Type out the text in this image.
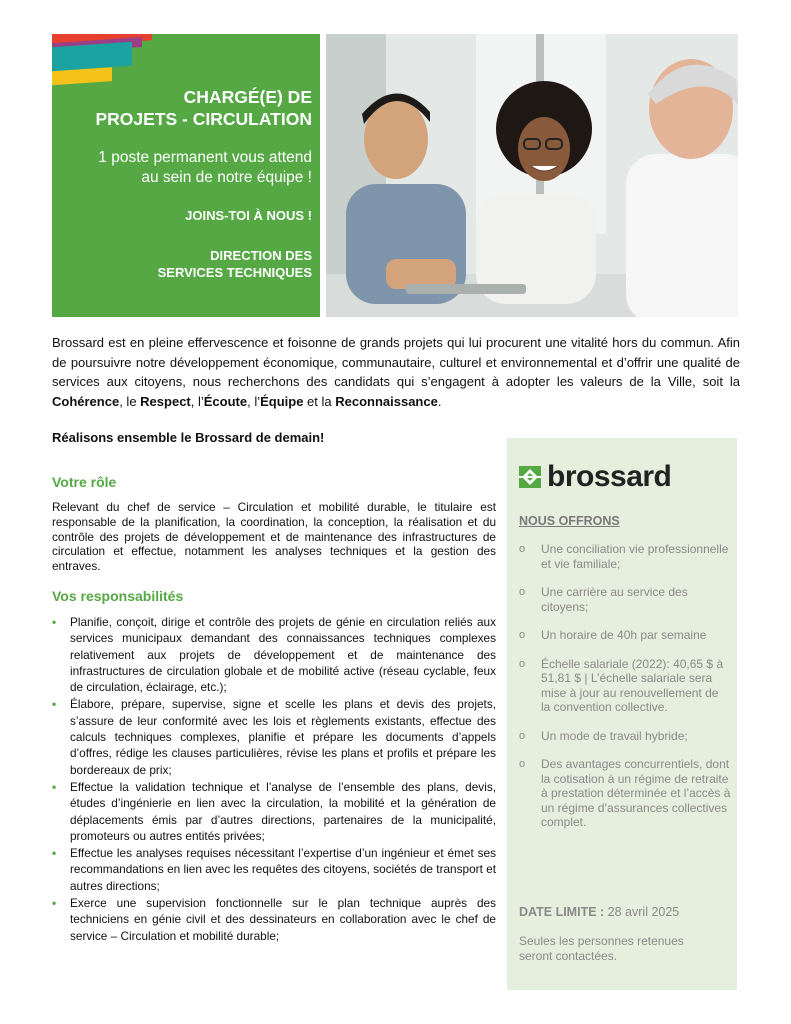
CHARGÉ(E) DE
PROJETS - CIRCULATION

1 poste permanent vous attend
au sein de notre équipe !

JOINS-TOI À NOUS !

DIRECTION DES
SERVICES TECHNIQUES

Brossard est en pleine effervescence et foisonne de grands projets qui lui procurent une vitalité hors du commun. Afin de poursuivre notre développement économique, communautaire, culturel et environnemental et d’offrir une qualité de services aux citoyens, nous recherchons des candidats qui s’engagent à adopter les valeurs de la Ville, soit la Cohérence, le Respect, l’Écoute, l’Équipe et la Reconnaissance.

Réalisons ensemble le Brossard de demain!

Votre rôle

Relevant du chef de service – Circulation et mobilité durable, le titulaire est responsable de la planification, la coordination, la conception, la réalisation et du contrôle des projets de développement et de maintenance des infrastructures de circulation et effectue, notamment les analyses techniques et la gestion des entraves.

Vos responsabilités
• Planifie, conçoit, dirige et contrôle des projets de génie en circulation reliés aux services municipaux demandant des connaissances techniques complexes relativement aux projets de développement et de maintenance des infrastructures de circulation globale et de mobilité active (réseau cyclable, feux de circulation, éclairage, etc.);
• Élabore, prépare, supervise, signe et scelle les plans et devis des projets, s’assure de leur conformité avec les lois et règlements existants, effectue des calculs techniques complexes, planifie et prépare les documents d’appels d’offres, rédige les clauses particulières, révise les plans et profils et prépare les bordereaux de prix;
• Effectue la validation technique et l’analyse de l’ensemble des plans, devis, études d’ingénierie en lien avec la circulation, la mobilité et la génération de déplacements émis par d’autres directions, partenaires de la municipalité, promoteurs ou autres entités privées;
• Effectue les analyses requises nécessitant l’expertise d’un ingénieur et émet ses recommandations en lien avec les requêtes des citoyens, sociétés de transport et autres directions;
• Exerce une supervision fonctionnelle sur le plan technique auprès des techniciens en génie civil et des dessinateurs en collaboration avec le chef de service – Circulation et mobilité durable;
brossard
NOUS OFFRONS
o Une conciliation vie professionnelle et vie familiale;
o Une carrière au service des citoyens;
o Un horaire de 40h par semaine
o Échelle salariale (2022): 40,65 $ à 51,81 $ | L’échelle salariale sera mise à jour au renouvellement de la convention collective.
o Un mode de travail hybride;
o Des avantages concurrentiels, dont la cotisation à un régime de retraite à prestation déterminée et l’accès à un régime d’assurances collectives complet.
DATE LIMITE : 28 avril 2025
Seules les personnes retenues seront contactées.
